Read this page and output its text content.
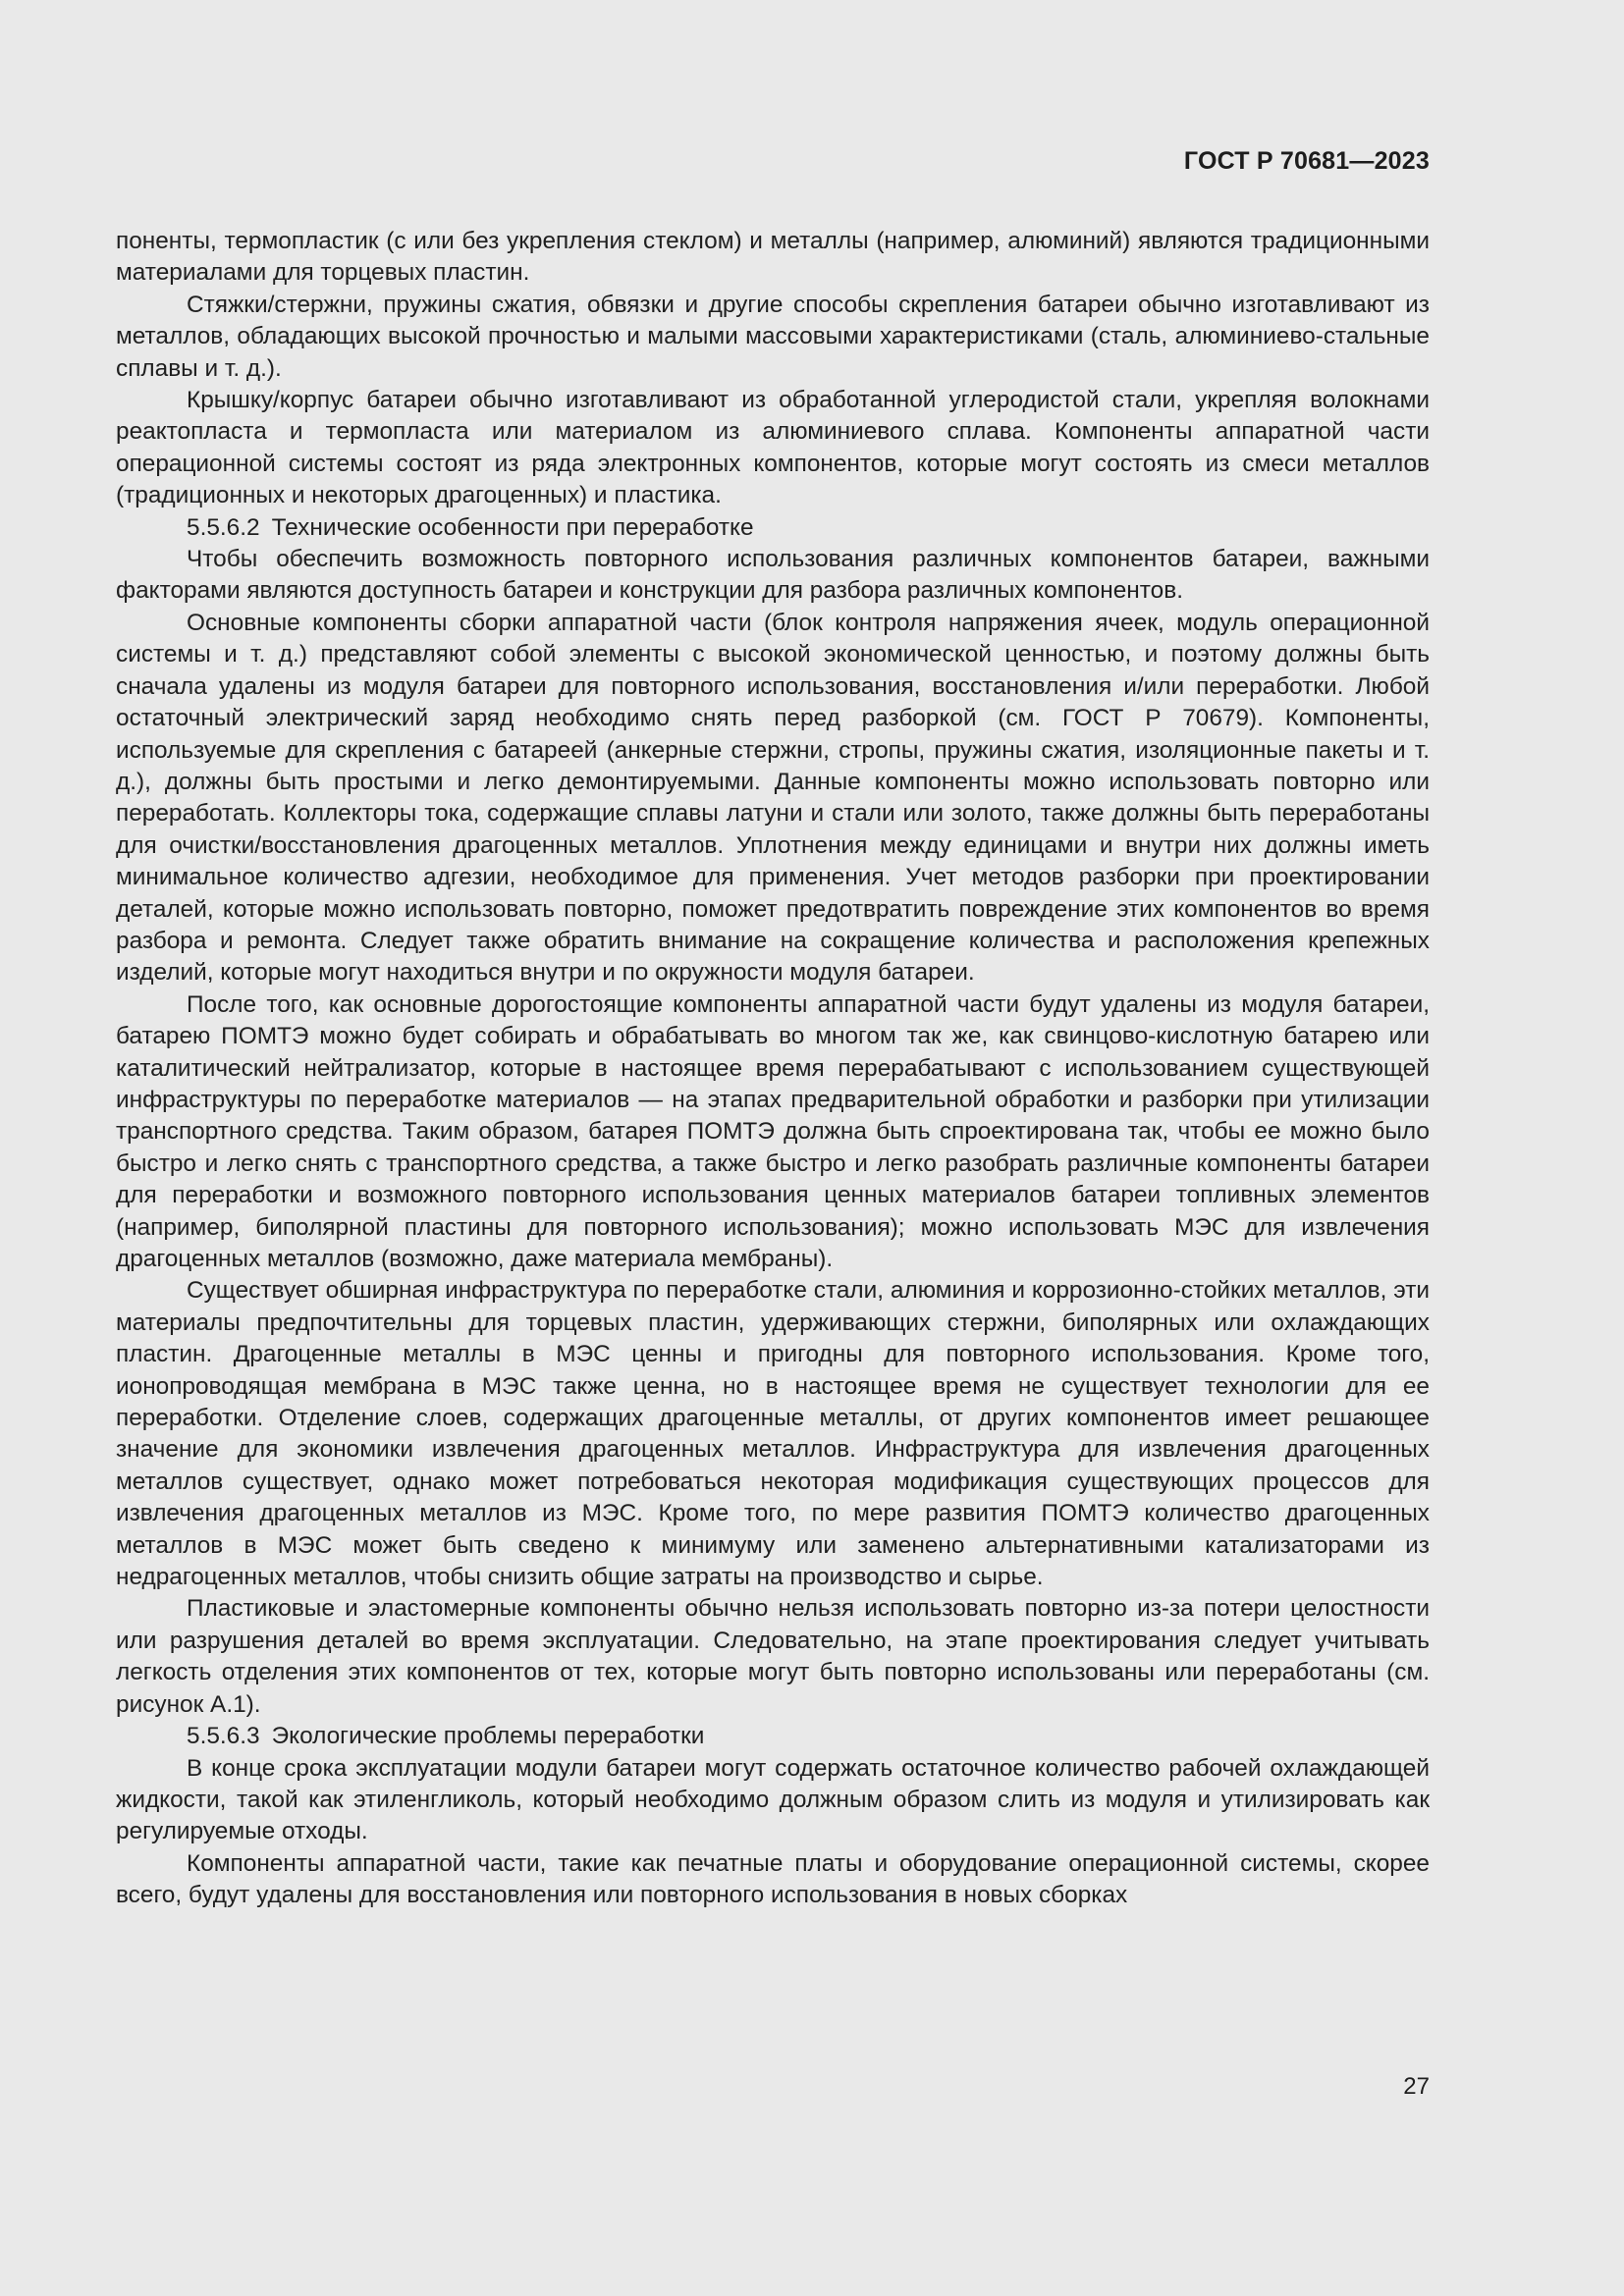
ГОСТ Р 70681—2023

поненты, термопластик (с или без укрепления стеклом) и металлы (например, алюминий) являются традиционными материалами для торцевых пластин.

Стяжки/стержни, пружины сжатия, обвязки и другие способы скрепления батареи обычно изготавливают из металлов, обладающих высокой прочностью и малыми массовыми характеристиками (сталь, алюминиево-стальные сплавы и т. д.).

Крышку/корпус батареи обычно изготавливают из обработанной углеродистой стали, укрепляя волокнами реактопласта и термопласта или материалом из алюминиевого сплава. Компоненты аппаратной части операционной системы состоят из ряда электронных компонентов, которые могут состоять из смеси металлов (традиционных и некоторых драгоценных) и пластика.

5.5.6.2 Технические особенности при переработке

Чтобы обеспечить возможность повторного использования различных компонентов батареи, важными факторами являются доступность батареи и конструкции для разбора различных компонентов.

Основные компоненты сборки аппаратной части (блок контроля напряжения ячеек, модуль операционной системы и т. д.) представляют собой элементы с высокой экономической ценностью, и поэтому должны быть сначала удалены из модуля батареи для повторного использования, восстановления и/или переработки. Любой остаточный электрический заряд необходимо снять перед разборкой (см. ГОСТ Р 70679). Компоненты, используемые для скрепления с батареей (анкерные стержни, стропы, пружины сжатия, изоляционные пакеты и т. д.), должны быть простыми и легко демонтируемыми. Данные компоненты можно использовать повторно или переработать. Коллекторы тока, содержащие сплавы латуни и стали или золото, также должны быть переработаны для очистки/восстановления драгоценных металлов. Уплотнения между единицами и внутри них должны иметь минимальное количество адгезии, необходимое для применения. Учет методов разборки при проектировании деталей, которые можно использовать повторно, поможет предотвратить повреждение этих компонентов во время разбора и ремонта. Следует также обратить внимание на сокращение количества и расположения крепежных изделий, которые могут находиться внутри и по окружности модуля батареи.

После того, как основные дорогостоящие компоненты аппаратной части будут удалены из модуля батареи, батарею ПОМТЭ можно будет собирать и обрабатывать во многом так же, как свинцово-кислотную батарею или каталитический нейтрализатор, которые в настоящее время перерабатывают с использованием существующей инфраструктуры по переработке материалов — на этапах предварительной обработки и разборки при утилизации транспортного средства. Таким образом, батарея ПОМТЭ должна быть спроектирована так, чтобы ее можно было быстро и легко снять с транспортного средства, а также быстро и легко разобрать различные компоненты батареи для переработки и возможного повторного использования ценных материалов батареи топливных элементов (например, биполярной пластины для повторного использования); можно использовать МЭС для извлечения драгоценных металлов (возможно, даже материала мембраны).

Существует обширная инфраструктура по переработке стали, алюминия и коррозионно-стойких металлов, эти материалы предпочтительны для торцевых пластин, удерживающих стержни, биполярных или охлаждающих пластин. Драгоценные металлы в МЭС ценны и пригодны для повторного использования. Кроме того, ионопроводящая мембрана в МЭС также ценна, но в настоящее время не существует технологии для ее переработки. Отделение слоев, содержащих драгоценные металлы, от других компонентов имеет решающее значение для экономики извлечения драгоценных металлов. Инфраструктура для извлечения драгоценных металлов существует, однако может потребоваться некоторая модификация существующих процессов для извлечения драгоценных металлов из МЭС. Кроме того, по мере развития ПОМТЭ количество драгоценных металлов в МЭС может быть сведено к минимуму или заменено альтернативными катализаторами из недрагоценных металлов, чтобы снизить общие затраты на производство и сырье.

Пластиковые и эластомерные компоненты обычно нельзя использовать повторно из-за потери целостности или разрушения деталей во время эксплуатации. Следовательно, на этапе проектирования следует учитывать легкость отделения этих компонентов от тех, которые могут быть повторно использованы или переработаны (см. рисунок А.1).

5.5.6.3 Экологические проблемы переработки

В конце срока эксплуатации модули батареи могут содержать остаточное количество рабочей охлаждающей жидкости, такой как этиленгликоль, который необходимо должным образом слить из модуля и утилизировать как регулируемые отходы.

Компоненты аппаратной части, такие как печатные платы и оборудование операционной системы, скорее всего, будут удалены для восстановления или повторного использования в новых сборках

27
